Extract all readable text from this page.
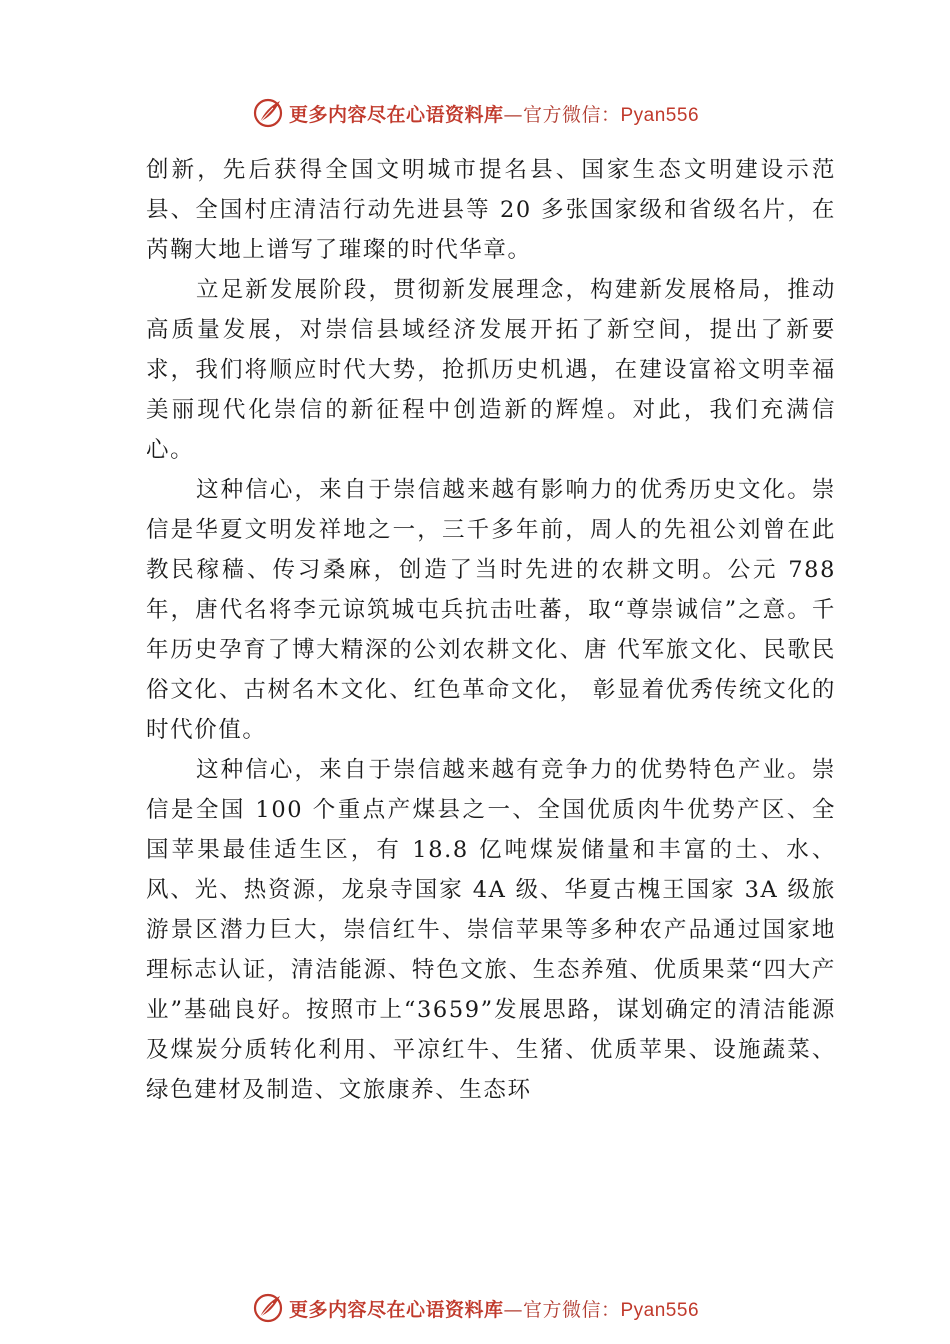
更多内容尽在心语资料库—官方微信：Pyan556

创新，先后获得全国文明城市提名县、国家生态文明建设示范县、全国村庄清洁行动先进县等 20 多张国家级和省级名片，在芮鞠大地上谱写了璀璨的时代华章。

立足新发展阶段，贯彻新发展理念，构建新发展格局，推动高质量发展，对崇信县域经济发展开拓了新空间，提出了新要求，我们将顺应时代大势，抢抓历史机遇，在建设富裕文明幸福美丽现代化崇信的新征程中创造新的辉煌。对此，我们充满信心。

这种信心，来自于崇信越来越有影响力的优秀历史文化。崇信是华夏文明发祥地之一，三千多年前，周人的先祖公刘曾在此教民稼穑、传习桑麻，创造了当时先进的农耕文明。公元 788 年，唐代名将李元谅筑城屯兵抗击吐蕃，取“尊崇诚信”之意。千年历史孕育了博大精深的公刘农耕文化、唐 代军旅文化、民歌民俗文化、古树名木文化、红色革命文化， 彰显着优秀传统文化的时代价值。

这种信心，来自于崇信越来越有竞争力的优势特色产业。崇信是全国 100 个重点产煤县之一、全国优质肉牛优势产区、全国苹果最佳适生区，有 18.8 亿吨煤炭储量和丰富的土、水、风、光、热资源，龙泉寺国家 4A 级、华夏古槐王国家 3A 级旅游景区潜力巨大，崇信红牛、崇信苹果等多种农产品通过国家地理标志认证，清洁能源、特色文旅、生态养殖、优质果菜“四大产业”基础良好。按照市上“3659”发展思路，谋划确定的清洁能源及煤炭分质转化利用、平凉红牛、生猪、优质苹果、设施蔬菜、绿色建材及制造、文旅康养、生态环

更多内容尽在心语资料库—官方微信：Pyan556
